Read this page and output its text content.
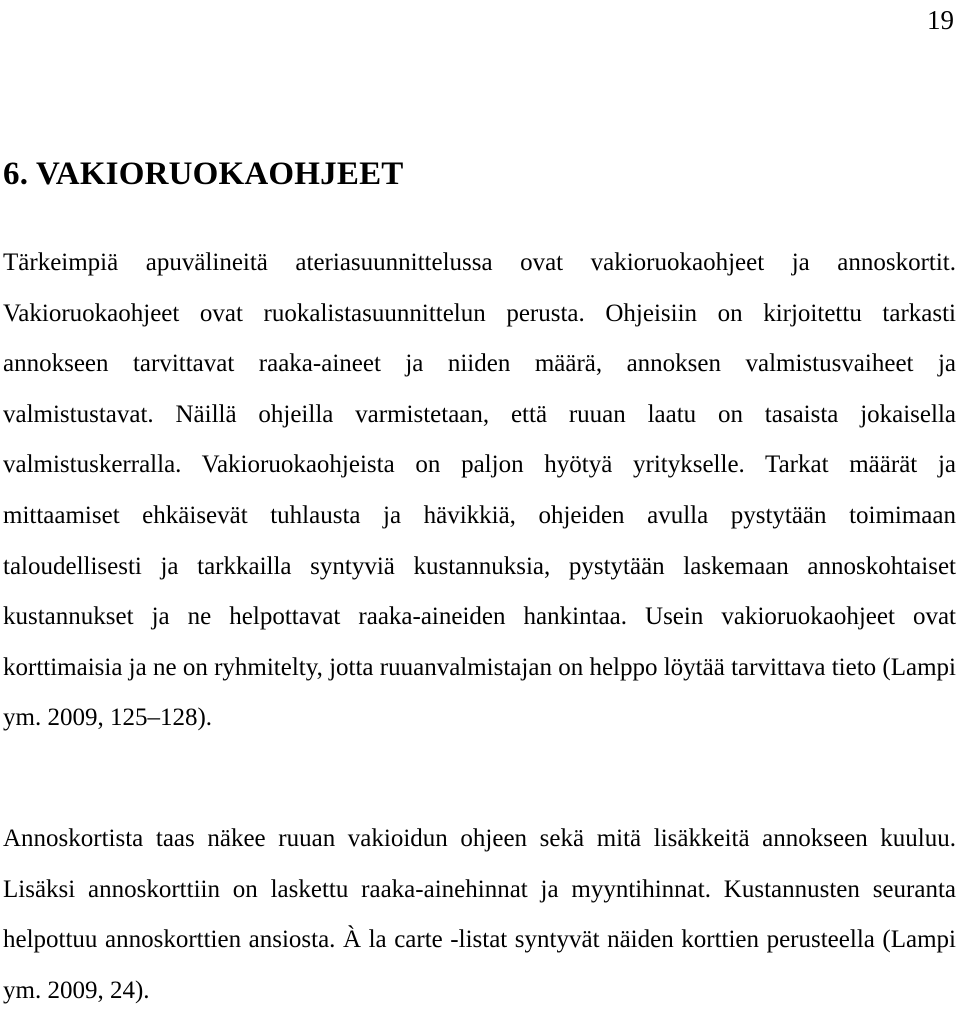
19
6. VAKIORUOKAOHJEET

Tärkeimpiä apuvälineitä ateriasuunnittelussa ovat vakioruokaohjeet ja annoskortit. Vakioruokaohjeet ovat ruokalistasuunnittelun perusta. Ohjeisiin on kirjoitettu tarkasti annokseen tarvittavat raaka-aineet ja niiden määrä, annoksen valmistusvaiheet ja valmistustavat. Näillä ohjeilla varmistetaan, että ruuan laatu on tasaista jokaisella valmistuskerralla. Vakioruokaohjeista on paljon hyötyä yritykselle. Tarkat määrät ja mittaamiset ehkäisevät tuhlausta ja hävikkiä, ohjeiden avulla pystytään toimimaan taloudellisesti ja tarkkailla syntyviä kustannuksia, pystytään laskemaan annoskohtaiset kustannukset ja ne helpottavat raaka-aineiden hankintaa. Usein vakioruokaohjeet ovat korttimaisia ja ne on ryhmitelty, jotta ruuanvalmistajan on helppo löytää tarvittava tieto (Lampi ym. 2009, 125–128).

Annoskortista taas näkee ruuan vakioidun ohjeen sekä mitä lisäkkeitä annokseen kuuluu. Lisäksi annoskorttiin on laskettu raaka-ainehinnat ja myyntihinnat. Kustannusten seuranta helpottuu annoskorttien ansiosta. À la carte -listat syntyvät näiden korttien perusteella (Lampi ym. 2009, 24).
